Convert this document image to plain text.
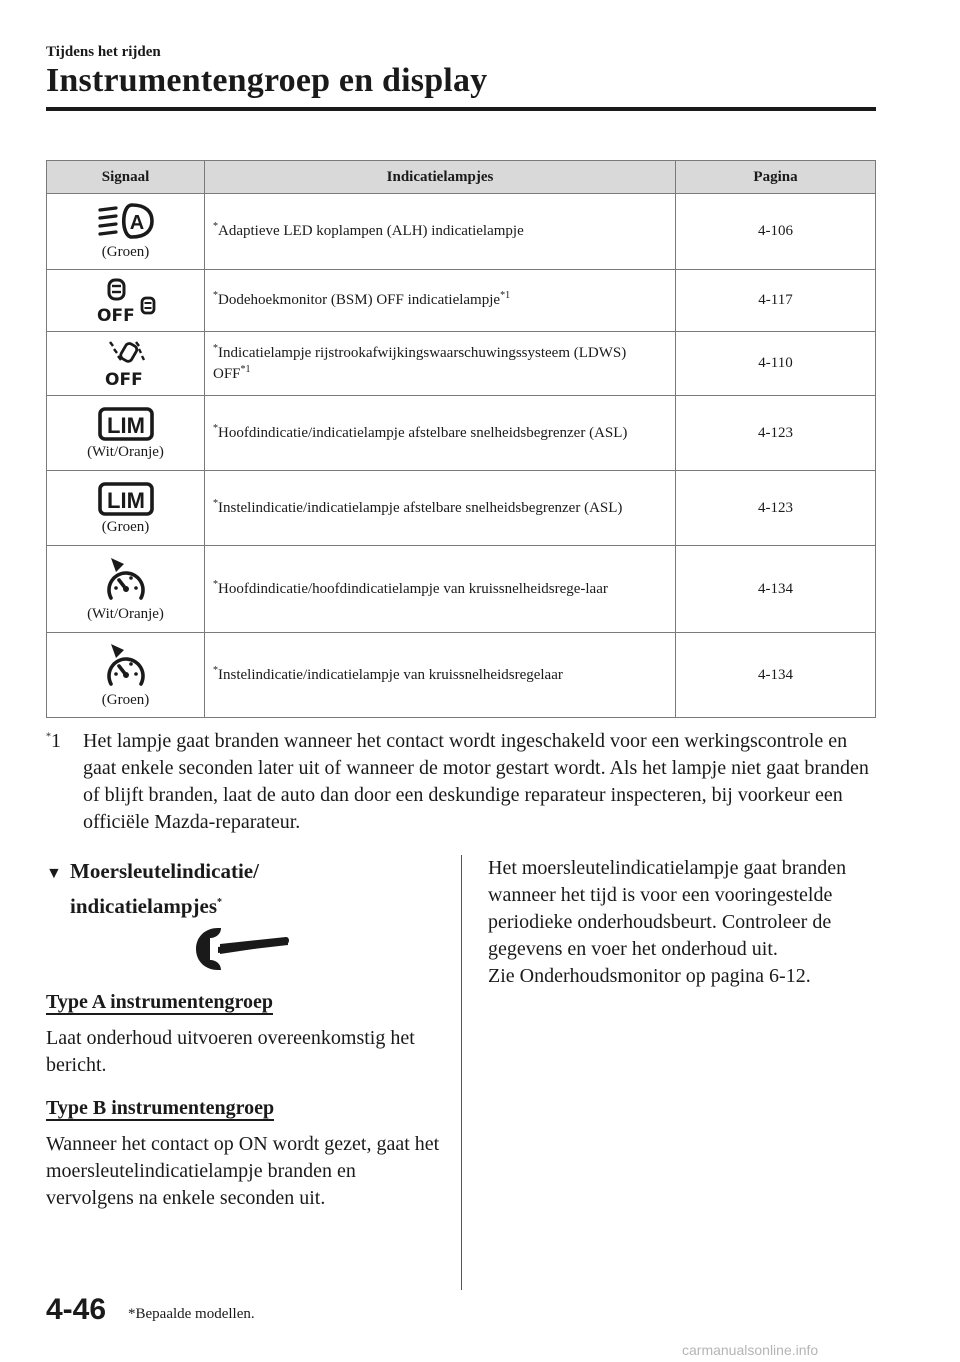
Tijdens het rijden
Instrumentengroep en display
Signaal	Indicatielampjes	Pagina

A
(Groen)	*Adaptieve LED koplampen (ALH) indicatielampje	4-106

OFF	*Dodehoekmonitor (BSM) OFF indicatielampje$^{*1}$	4-117

OFF	*Indicatielampje rijstrookafwijkingswaarschuwingssysteem (LDWS) OFF$^{*1}$	4-110

LIM
(Wit/Oranje)	*Hoofdindicatie/indicatielampje afstelbare snelheidsbegrenzer (ASL)	4-123

LIM
(Groen)	*Instelindicatie/indicatielampje afstelbare snelheidsbegrenzer (ASL)	4-123

(Wit/Oranje)	*Hoofdindicatie/hoofdindicatielampje van kruissnelheidsrege-laar	4-134

(Groen)	*Instelindicatie/indicatielampje van kruissnelheidsregelaar	4-134
*1 Het lampje gaat branden wanneer het contact wordt ingeschakeld voor een werkingscontrole en gaat enkele seconden later uit of wanneer de motor gestart wordt. Als het lampje niet gaat branden of blijft branden, laat de auto dan door een deskundige reparateur inspecteren, bij voorkeur een officiële Mazda-reparateur.
▼ Moersleutelindicatie/
indicatielampjes*
Type A instrumentengroep

Laat onderhoud uitvoeren overeenkomstig het bericht.

Type B instrumentengroep

Wanneer het contact op ON wordt gezet, gaat het moersleutelindicatielampje branden en vervolgens na enkele seconden uit.

Het moersleutelindicatielampje gaat branden wanneer het tijd is voor een vooringestelde periodieke onderhoudsbeurt. Controleer de gegevens en voer het onderhoud uit.
Zie Onderhoudsmonitor op pagina 6-12.
4-46 *Bepaalde modellen.
carmanualsonline.info
